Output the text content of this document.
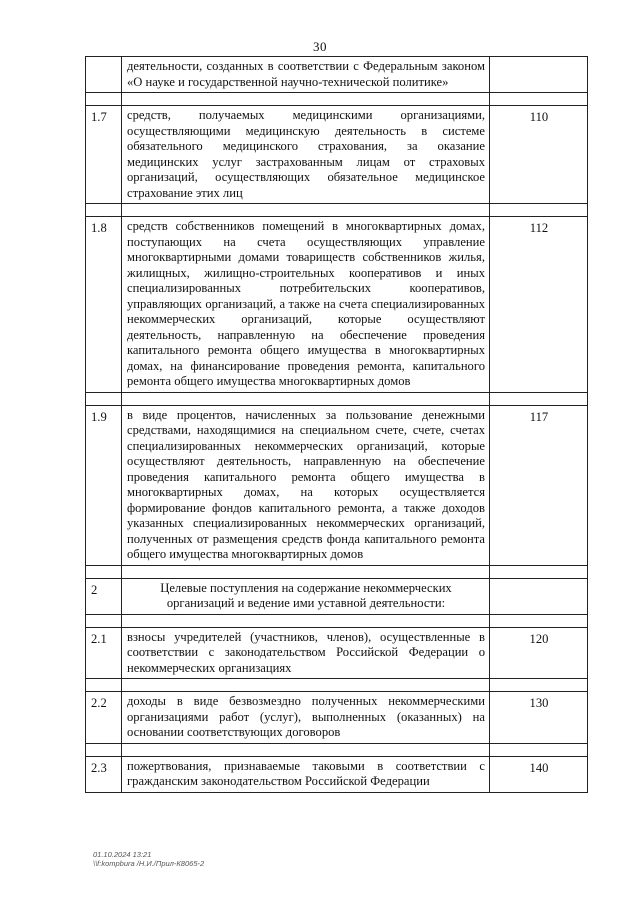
30
	деятельности, созданных в соответствии с Федеральным законом «О науке и государственной научно-технической политике»	

1.7	средств, получаемых медицинскими организациями, осуществляющими медицинскую деятельность в системе обязательного медицинского страхования, за оказание медицинских услуг застрахованным лицам от страховых организаций, осуществляющих обязательное медицинское страхование этих лиц	110

1.8	средств собственников помещений в многоквартирных домах, поступающих на счета осуществляющих управление многоквартирными домами товариществ собственников жилья, жилищных, жилищно-строительных кооперативов и иных специализированных потребительских кооперативов, управляющих организаций, а также на счета специализированных некоммерческих организаций, которые осуществляют деятельность, направленную на обеспечение проведения капитального ремонта общего имущества в многоквартирных домах, на финансирование проведения ремонта, капитального ремонта общего имущества многоквартирных домов	112

1.9	в виде процентов, начисленных за пользование денежными средствами, находящимися на специальном счете, счете, счетах специализированных некоммерческих организаций, которые осуществляют деятельность, направленную на обеспечение проведения капитального ремонта общего имущества в многоквартирных домах, на которых осуществляется формирование фондов капитального ремонта, а также доходов указанных специализированных некоммерческих организаций, полученных от размещения средств фонда капитального ремонта общего имущества многоквартирных домов	117

2	Целевые поступления на содержание некоммерческих организаций и ведение ими уставной деятельности:	

2.1	взносы учредителей (участников, членов), осуществленные в соответствии с законодательством Российской Федерации о некоммерческих организациях	120

2.2	доходы в виде безвозмездно полученных некоммерческими организациями работ (услуг), выполненных (оказанных) на основании соответствующих договоров	130

2.3	пожертвования, признаваемые таковыми в соответствии с гражданским законодательством Российской Федерации	140
01.10.2024 13:21
\\f:kompbura /Н.И./Прил-К8065-2
